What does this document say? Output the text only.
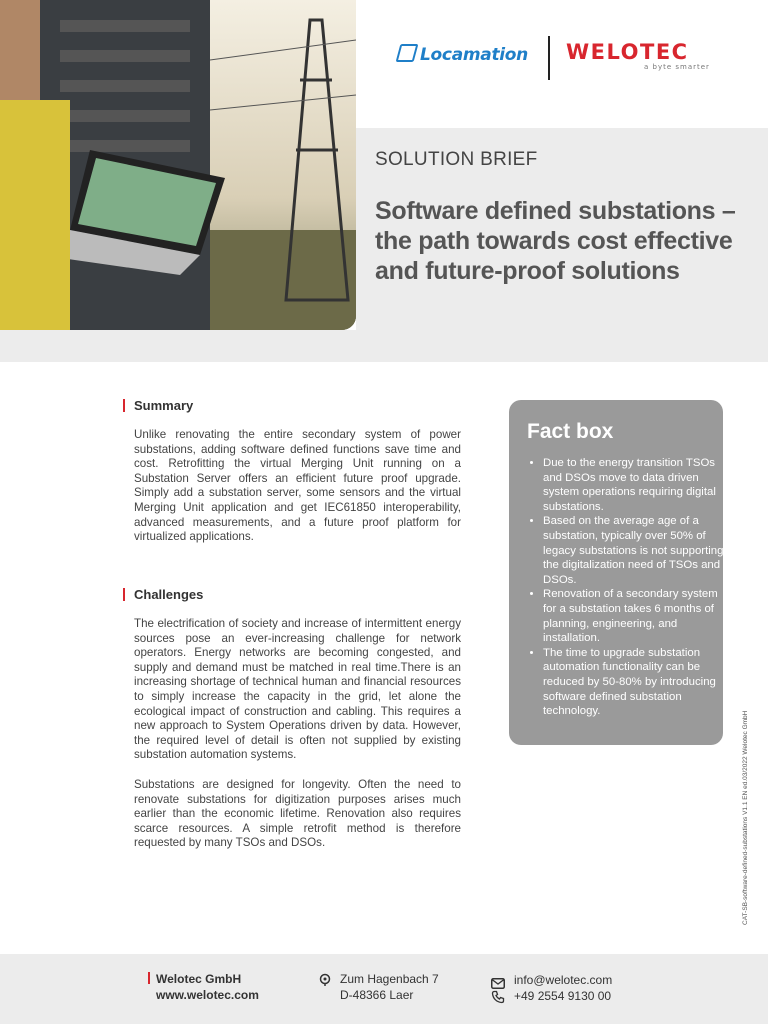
Locamation WELOTEC
a byte smarter
SOLUTION BRIEF
Software defined substations – the path towards cost effective and future-proof solutions
Summary
Unlike renovating the entire secondary system of power substations, adding software defined functions save time and cost. Retrofitting the virtual Merging Unit running on a Substation Server offers an efficient future proof upgrade. Simply add a substation server, some sensors and the virtual Merging Unit application and get IEC61850 interoperability, advanced measurements, and a future proof platform for virtualized applications.
Challenges
The electrification of society and increase of intermittent energy sources pose an ever-increasing challenge for network operators. Energy networks are becoming congested, and supply and demand must be matched in real time.There is an increasing shortage of technical human and financial resources to simply increase the capacity in the grid, let alone the ecological impact of construction and cabling. This requires a new approach to System Operations driven by data. However, the required level of detail is often not supplied by existing substation automation systems.
Substations are designed for longevity. Often the need to renovate substations for digitization purposes arises much earlier than the economic lifetime. Renovation also requires scarce resources. A simple retrofit method is therefore requested by many TSOs and DSOs.
Fact box
• Due to the energy transition TSOs and DSOs move to data driven system operations requiring digital substations.
• Based on the average age of a substation, typically over 50% of legacy substations is not supporting the digitalization need of TSOs and DSOs.
• Renovation of a secondary system for a substation takes 6 months of planning, engineering, and installation.
• The time to upgrade substation automation functionality can be reduced by 50-80% by introducing software defined substation technology.	CAT-SB-software-defined-substations V1.1 EN ed.03/2022 Welotec GmbH
Welotec GmbH
www.welotec.com
Zum Hagenbach 7
D-48366 Laer
info@welotec.com
+49 2554 9130 00
